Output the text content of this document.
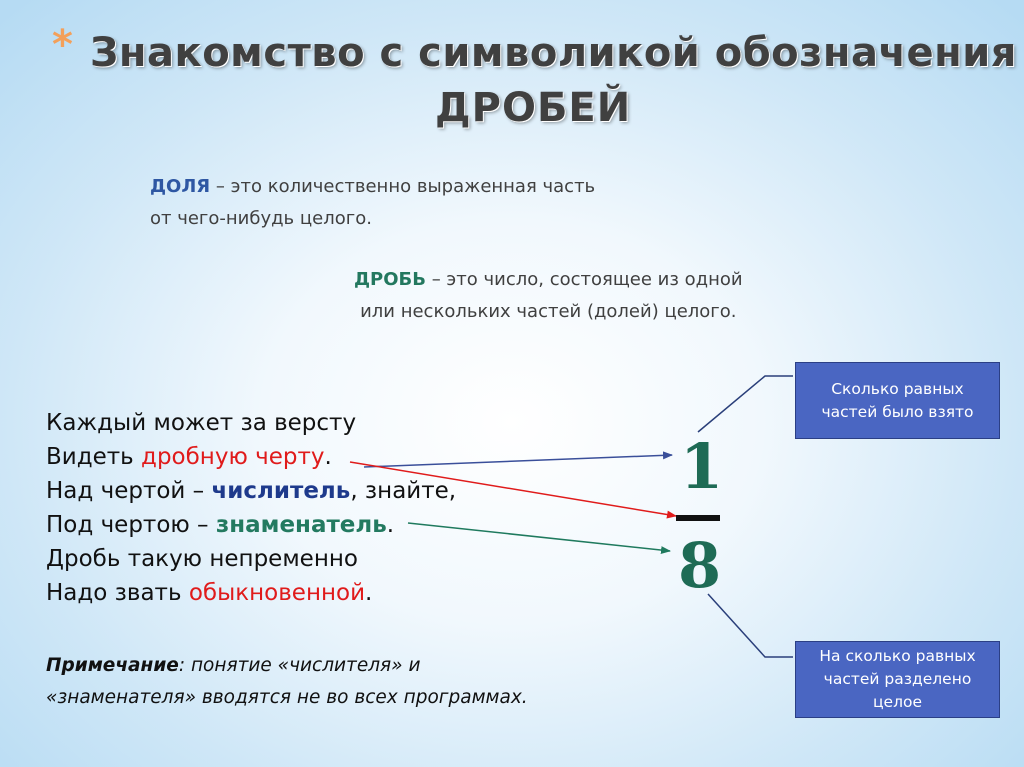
* Знакомство с символикой обозначения
ДРОБЕЙ
ДОЛЯ – это количественно выраженная часть
от чего-нибудь целого.
ДРОБЬ – это число, состоящее из одной
или нескольких частей (долей) целого.
Каждый может за версту
Видеть дробную черту.
Над чертой – числитель, знайте,
Под чертою – знаменатель.
Дробь такую непременно
Надо звать обыкновенной.
Примечание: понятие «числителя» и
«знаменателя» вводятся не во всех программах.
1
8
Сколько равных
частей было взято
На сколько равных
частей разделено
целое
